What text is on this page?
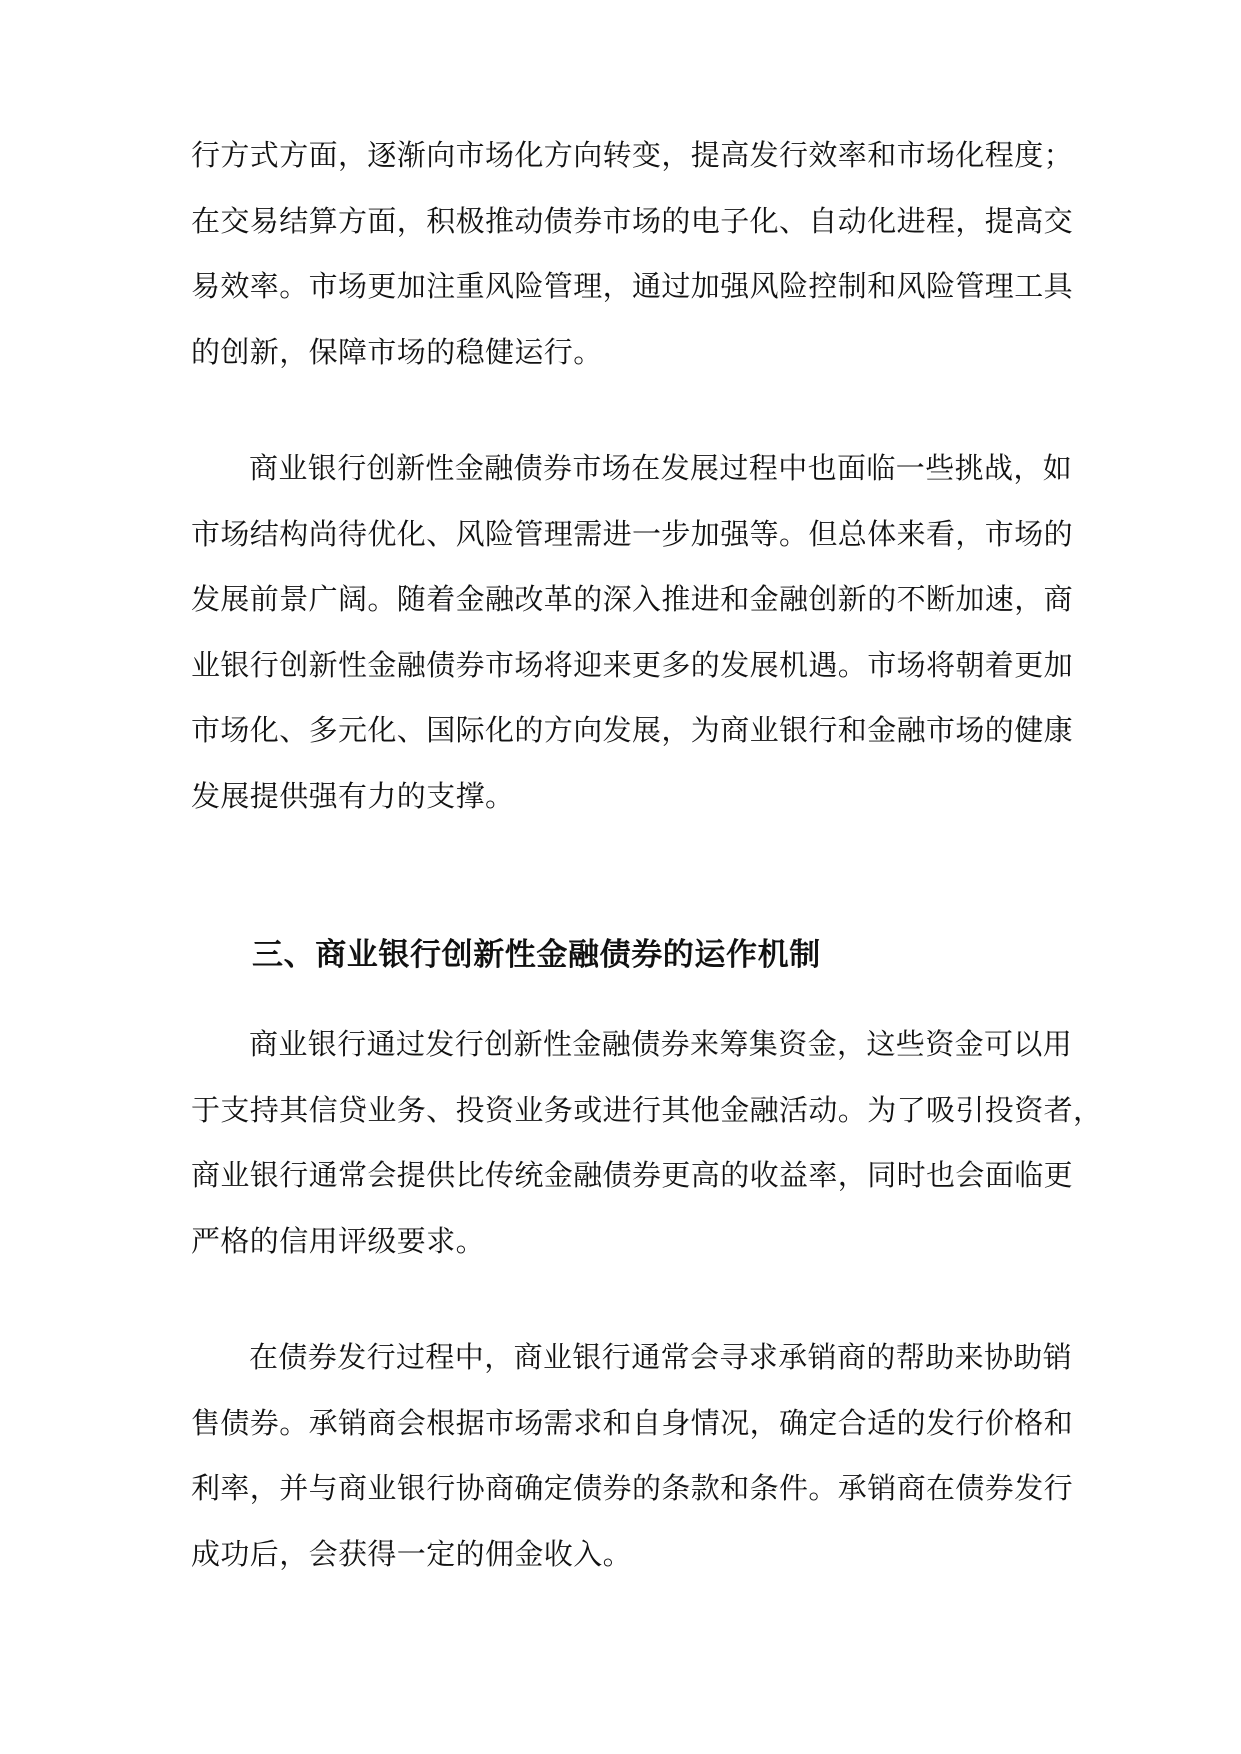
行方式方面，逐渐向市场化方向转变，提高发行效率和市场化程度；
在交易结算方面，积极推动债券市场的电子化、自动化进程，提高交
易效率。市场更加注重风险管理，通过加强风险控制和风险管理工具
的创新，保障市场的稳健运行。
商业银行创新性金融债券市场在发展过程中也面临一些挑战，如
市场结构尚待优化、风险管理需进一步加强等。但总体来看，市场的
发展前景广阔。随着金融改革的深入推进和金融创新的不断加速，商
业银行创新性金融债券市场将迎来更多的发展机遇。市场将朝着更加
市场化、多元化、国际化的方向发展，为商业银行和金融市场的健康
发展提供强有力的支撑。
三、商业银行创新性金融债券的运作机制
商业银行通过发行创新性金融债券来筹集资金，这些资金可以用
于支持其信贷业务、投资业务或进行其他金融活动。为了吸引投资者，
商业银行通常会提供比传统金融债券更高的收益率，同时也会面临更
严格的信用评级要求。
在债券发行过程中，商业银行通常会寻求承销商的帮助来协助销
售债券。承销商会根据市场需求和自身情况，确定合适的发行价格和
利率，并与商业银行协商确定债券的条款和条件。承销商在债券发行
成功后，会获得一定的佣金收入。
